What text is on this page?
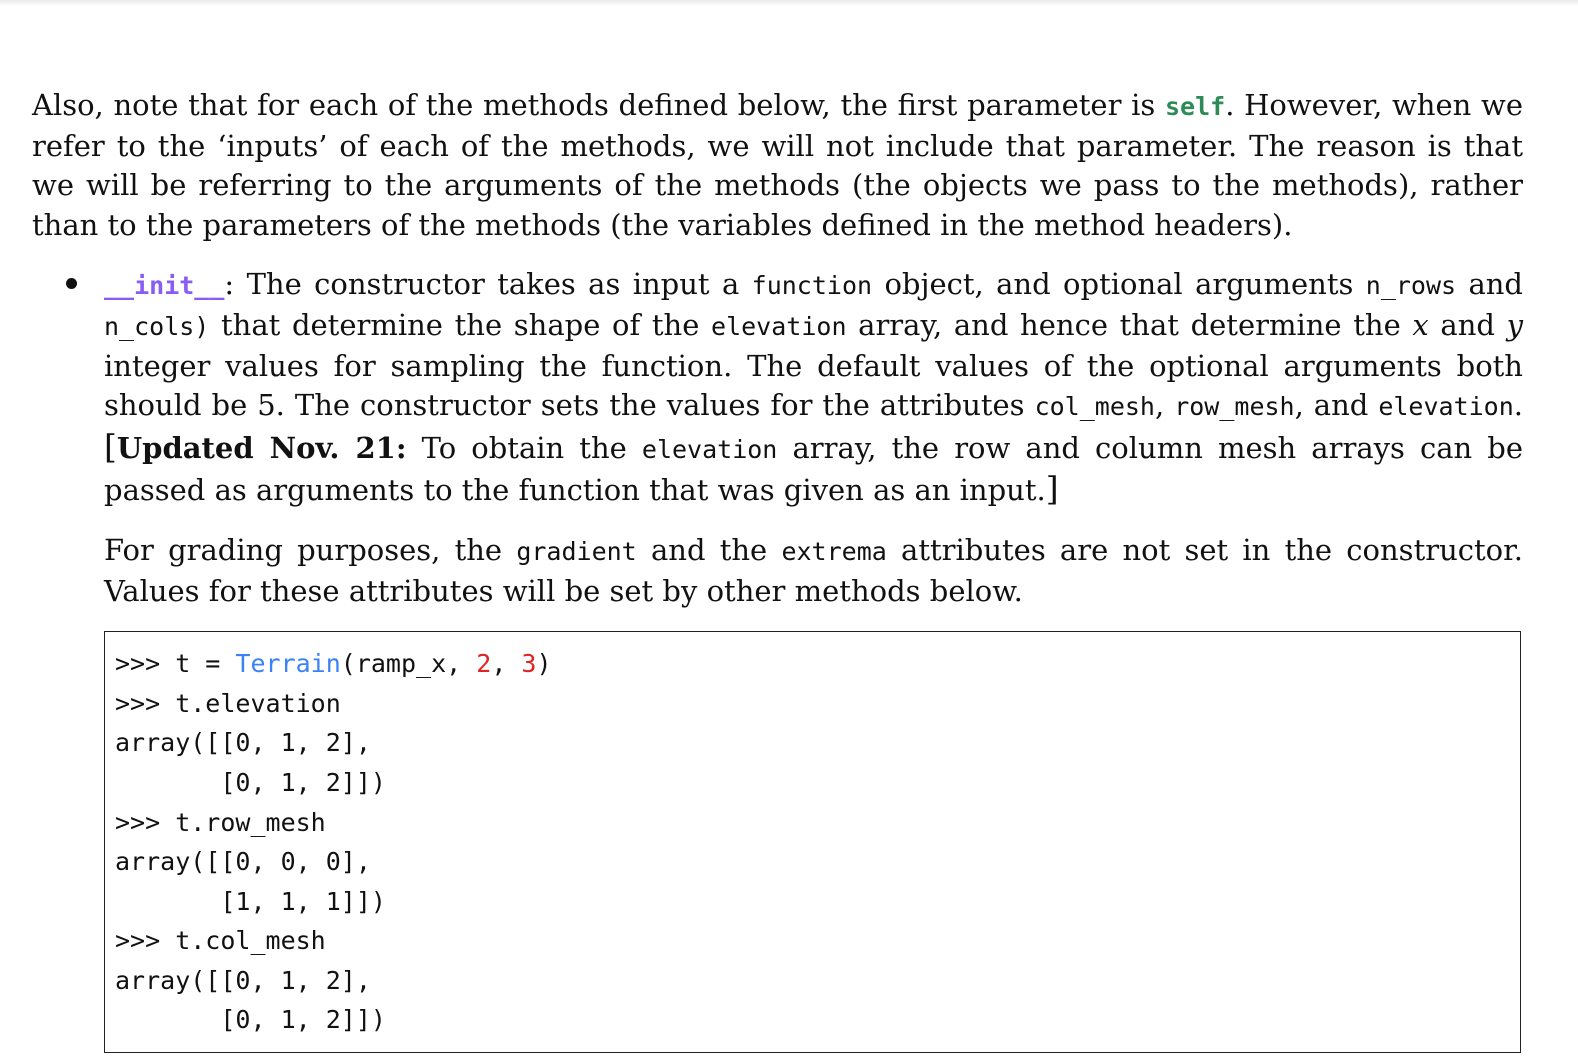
Also, note that for each of the methods defined below, the first parameter is self. However, when we refer to the ‘inputs’ of each of the methods, we will not include that parameter. The reason is that we will be referring to the arguments of the methods (the objects we pass to the methods), rather than to the parameters of the methods (the variables defined in the method headers).

__init__: The constructor takes as input a function object, and optional arguments n_rows and n_cols) that determine the shape of the elevation array, and hence that determine the x and y integer values for sampling the function. The default values of the optional arguments both should be 5. The constructor sets the values for the attributes col_mesh, row_mesh, and elevation. [Updated Nov. 21: To obtain the elevation array, the row and column mesh arrays can be passed as arguments to the function that was given as an input.]

For grading purposes, the gradient and the extrema attributes are not set in the constructor. Values for these attributes will be set by other methods below.

>>> t = Terrain(ramp_x, 2, 3)
>>> t.elevation
array([[0, 1, 2],
[0, 1, 2]])
>>> t.row_mesh
array([[0, 0, 0],
[1, 1, 1]])
>>> t.col_mesh
array([[0, 1, 2],
[0, 1, 2]])
